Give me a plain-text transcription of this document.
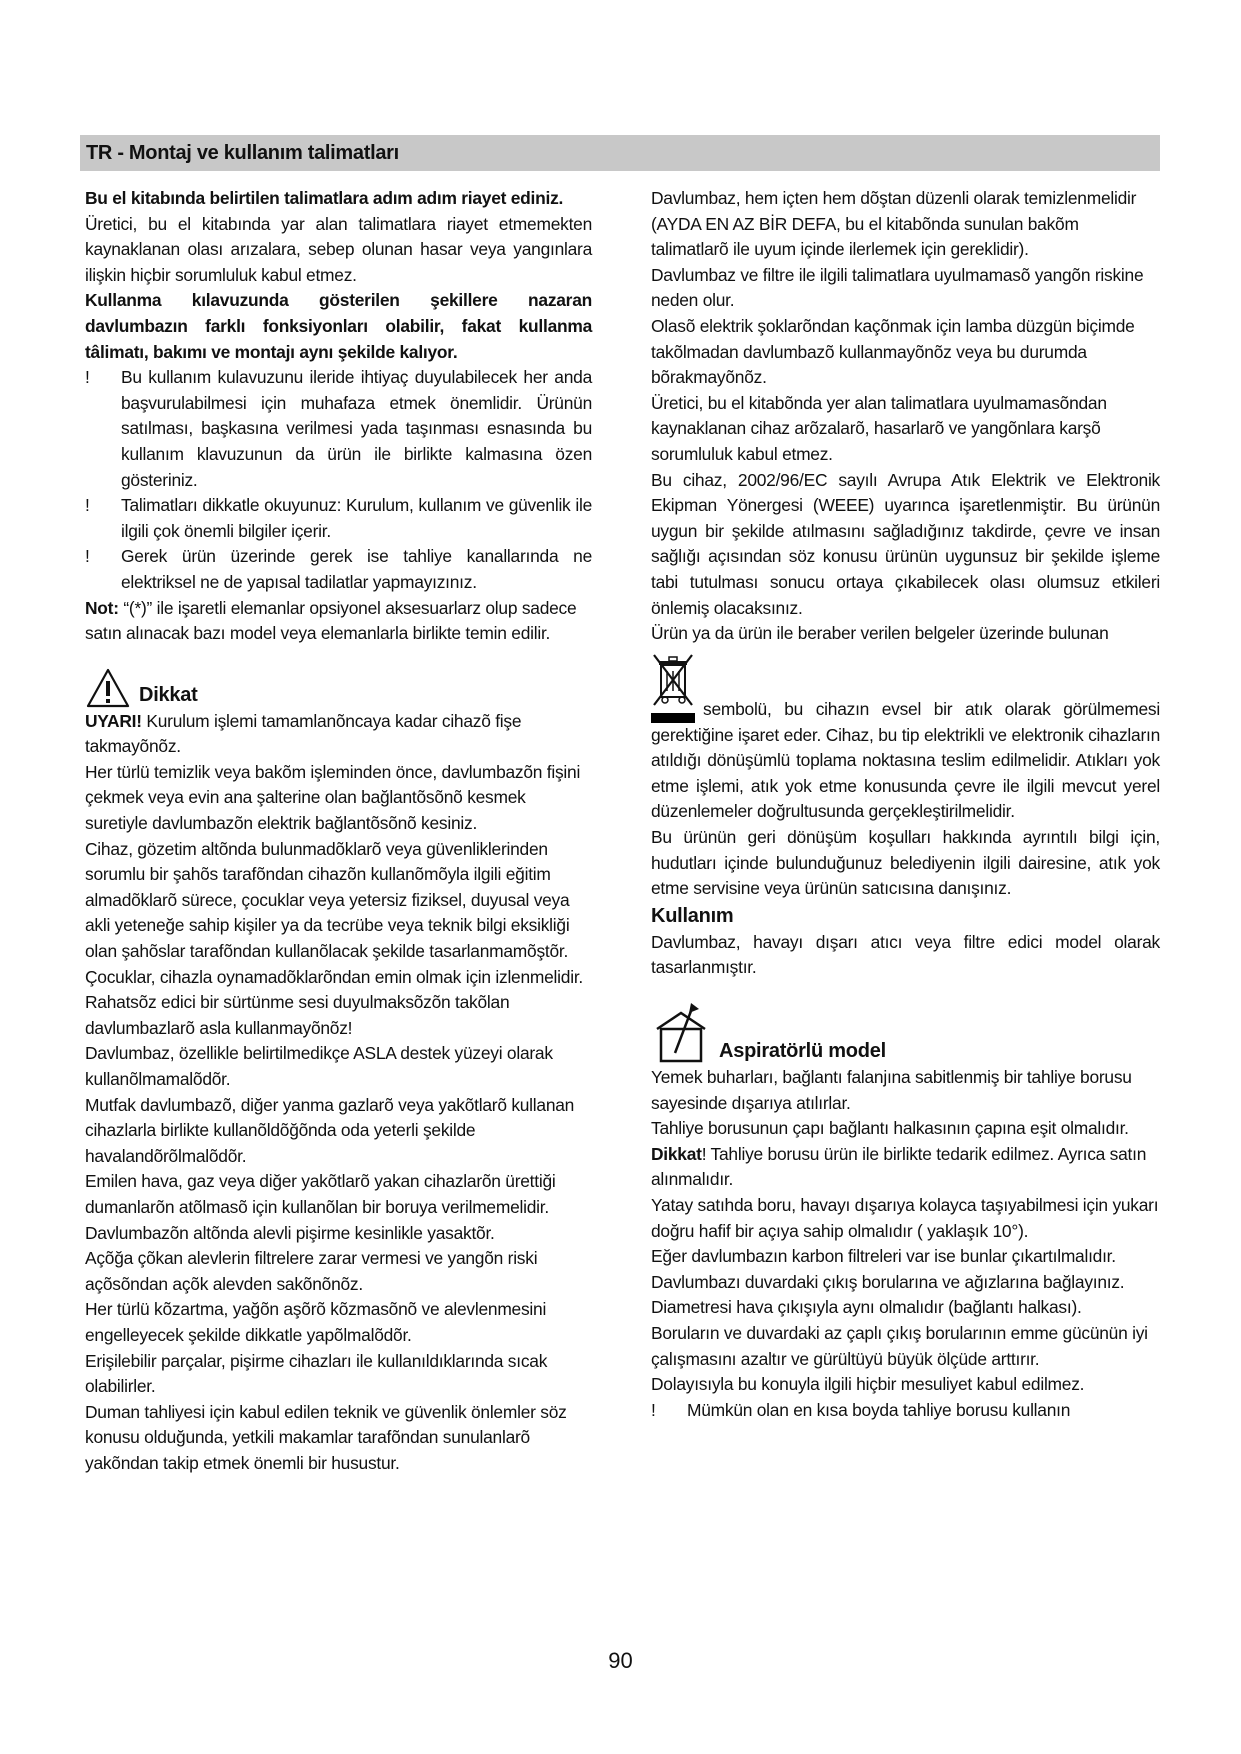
TR - Montaj ve kullanım talimatları

Bu el kitabında belirtilen talimatlara adım adım riayet ediniz.

Üretici, bu el kitabında yar alan talimatlara riayet etmemekten kaynaklanan olası arızalara, sebep olunan hasar veya yangınlara ilişkin hiçbir sorumluluk kabul etmez.

Kullanma kılavuzunda gösterilen şekillere nazaran davlumbazın farklı fonksiyonları olabilir, fakat kullanma tâlimatı, bakımı ve montajı aynı şekilde kalıyor.

!	Bu kullanım kulavuzunu ileride ihtiyaç duyulabilecek her anda başvurulabilmesi için muhafaza etmek önemlidir. Ürünün satılması, başkasına verilmesi yada taşınması esnasında bu kullanım klavuzunun da ürün ile birlikte kalmasına özen gösteriniz.

!	Talimatları dikkatle okuyunuz: Kurulum, kullanım ve güvenlik ile ilgili çok önemli bilgiler içerir.

!	Gerek ürün üzerinde gerek ise tahliye kanallarında ne elektriksel ne de yapısal tadilatlar yapmayızınız.

Not: “(*)” ile işaretli elemanlar opsiyonel aksesuarlarz olup sadece satın alınacak bazı model veya elemanlarla birlikte temin edilir.

Dikkat

UYARI! Kurulum işlemi tamamlanõncaya kadar cihazõ fişe takmayõnõz.

Her türlü temizlik veya bakõm işleminden önce, davlumbazõn fişini çekmek veya evin ana şalterine olan bağlantõsõnõ kesmek

suretiyle davlumbazõn elektrik bağlantõsõnõ kesiniz.

Cihaz, gözetim altõnda bulunmadõklarõ veya güvenliklerinden sorumlu bir şahõs tarafõndan cihazõn kullanõmõyla ilgili eğitim almadõklarõ sürece, çocuklar veya yetersiz fiziksel, duyusal veya akli yeteneğe sahip kişiler ya da tecrübe veya teknik bilgi eksikliği olan şahõslar tarafõndan kullanõlacak şekilde tasarlanmamõştõr.

Çocuklar, cihazla oynamadõklarõndan emin olmak için izlenmelidir.

Rahatsõz edici bir sürtünme sesi duyulmaksõzõn takõlan davlumbazlarõ asla kullanmayõnõz!

Davlumbaz, özellikle belirtilmedikçe ASLA destek yüzeyi olarak kullanõlmamalõdõr.

Mutfak davlumbazõ, diğer yanma gazlarõ veya yakõtlarõ kullanan cihazlarla birlikte kullanõldõğõnda oda yeterli şekilde havalandõrõlmalõdõr.

Emilen hava, gaz veya diğer yakõtlarõ yakan cihazlarõn ürettiği dumanlarõn atõlmasõ için kullanõlan bir boruya verilmemelidir.

Davlumbazõn altõnda alevli pişirme kesinlikle yasaktõr.

Açõğa çõkan alevlerin filtrelere zarar vermesi ve yangõn riski açõsõndan açõk alevden sakõnõnõz.

Her türlü kõzartma, yağõn aşõrõ kõzmasõnõ ve alevlenmesini engelleyecek şekilde dikkatle yapõlmalõdõr.

Erişilebilir parçalar, pişirme cihazları ile kullanıldıklarında sıcak olabilirler.

Duman tahliyesi için kabul edilen teknik ve güvenlik önlemler söz konusu olduğunda, yetkili makamlar tarafõndan sunulanlarõ yakõndan takip etmek önemli bir husustur.

Davlumbaz, hem içten hem dõştan düzenli olarak temizlenmelidir (AYDA EN AZ BİR DEFA, bu el kitabõnda sunulan bakõm talimatlarõ ile uyum içinde ilerlemek için gereklidir).

Davlumbaz ve filtre ile ilgili talimatlara uyulmamasõ yangõn riskine neden olur.

Olasõ elektrik şoklarõndan kaçõnmak için lamba düzgün biçimde takõlmadan davlumbazõ kullanmayõnõz veya bu durumda bõrakmayõnõz.

Üretici, bu el kitabõnda yer alan talimatlara uyulmamasõndan kaynaklanan cihaz arõzalarõ, hasarlarõ ve yangõnlara karşõ sorumluluk kabul etmez.

Bu cihaz, 2002/96/EC sayılı Avrupa Atık Elektrik ve Elektronik Ekipman Yönergesi (WEEE) uyarınca işaretlenmiştir. Bu ürünün uygun bir şekilde atılmasını sağladığınız takdirde, çevre ve insan sağlığı açısından söz konusu ürünün uygunsuz bir şekilde işleme tabi tutulması sonucu ortaya çıkabilecek olası olumsuz etkileri önlemiş olacaksınız.

Ürün ya da ürün ile beraber verilen belgeler üzerinde bulunan

sembolü, bu cihazın evsel bir atık olarak görülmemesi gerektiğine işaret eder. Cihaz, bu tip elektrikli ve elektronik cihazların atıldığı dönüşümlü toplama noktasına teslim edilmelidir. Atıkları yok etme işlemi, atık yok etme konusunda çevre ile ilgili mevcut yerel düzenlemeler doğrultusunda gerçekleştirilmelidir.

Bu ürünün geri dönüşüm koşulları hakkında ayrıntılı bilgi için, hudutları içinde bulunduğunuz belediyenin ilgili dairesine, atık yok etme servisine veya ürünün satıcısına danışınız.

Kullanım

Davlumbaz, havayı dışarı atıcı veya filtre edici model olarak tasarlanmıştır.

Aspiratörlü model

Yemek buharları, bağlantı falanjına sabitlenmiş bir tahliye borusu sayesinde dışarıya atılırlar.

Tahliye borusunun çapı bağlantı halkasının çapına eşit olmalıdır.

Dikkat! Tahliye borusu ürün ile birlikte tedarik edilmez. Ayrıca satın alınmalıdır.

Yatay satıhda boru, havayı dışarıya kolayca taşıyabilmesi için yukarı doğru hafif bir açıya sahip olmalıdır ( yaklaşık 10°).

Eğer davlumbazın karbon filtreleri var ise bunlar çıkartılmalıdır.

Davlumbazı duvardaki çıkış borularına ve ağızlarına bağlayınız. Diametresi hava çıkışıyla aynı olmalıdır (bağlantı halkası).

Boruların ve duvardaki az çaplı çıkış borularının emme gücünün iyi çalışmasını azaltır ve gürültüyü büyük ölçüde arttırır.

Dolayısıyla bu konuyla ilgili hiçbir mesuliyet kabul edilmez.

!	Mümkün olan en kısa boyda tahliye borusu kullanın

90
